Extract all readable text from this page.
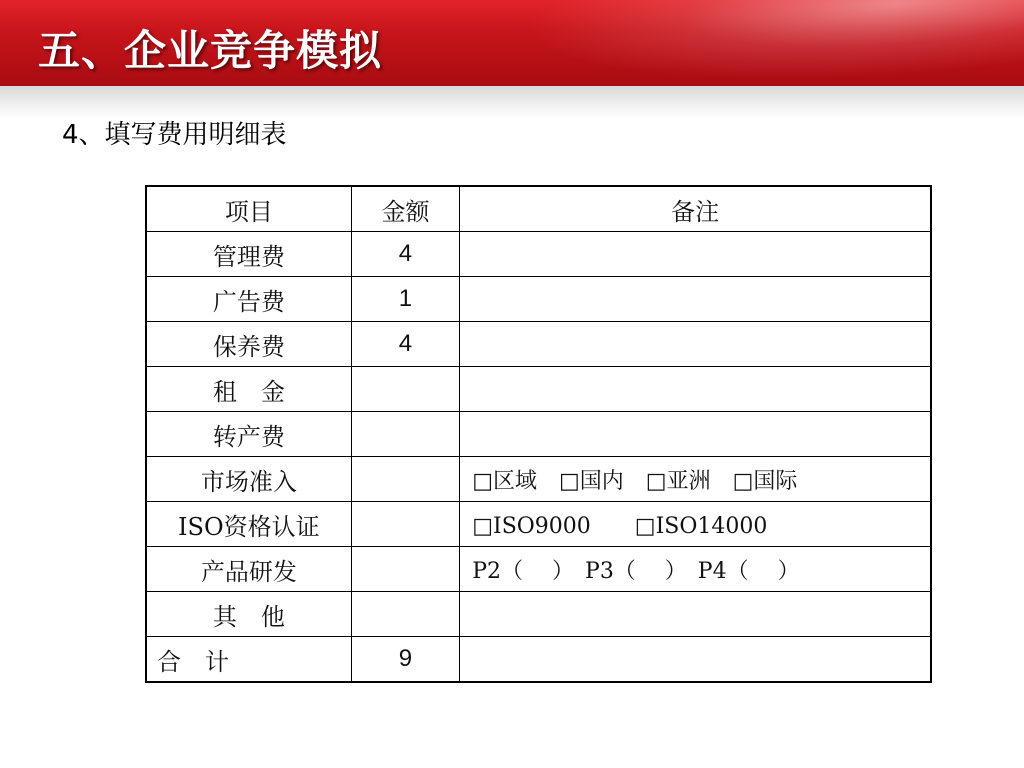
五、企业竞争模拟
4、填写费用明细表
项目	金额	备注
管理费	4	
广告费	1	
保养费	4	
租　金		
转产费		
市场准入		□区域　□国内　□亚洲　□国际
ISO资格认证		□ISO9000　　□ISO14000
产品研发		P2（　 ）　P3（　 ）　P4（　 ）
其　他		
合　计	9	
